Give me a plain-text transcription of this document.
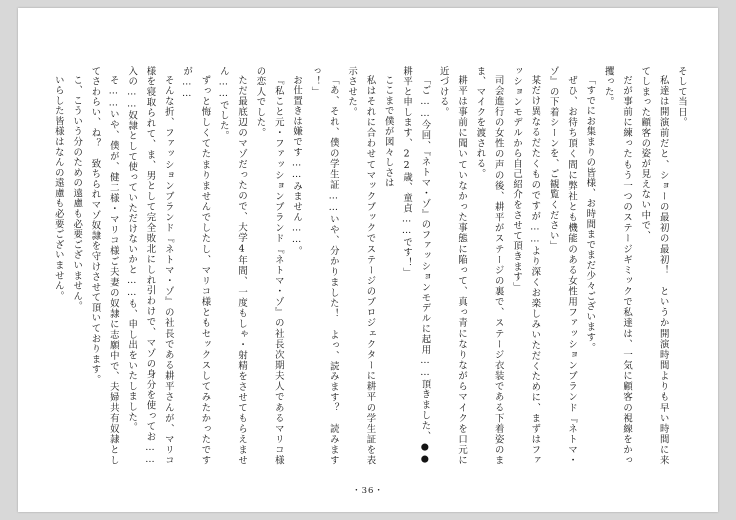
そして当日。

私達は開演前だと、ショーの最初の最初！　というか開演時間よりも早い時間に来てしまった顧客の姿が見えない中で、

だが事前に練ったもう一つのステージギミックで私達は、一気に顧客の視線をかっ攫った。

「すでにお集まりの皆様、お時間までまだ少々ございます。

ぜひ、お待ち頂く間に弊社とも機能のある女性用ファッションブランド『ネトマ・ゾ』の下着シーンを、ご観覧ください」

某だけ異なるだたくものですが……より深くお楽しみいただくために、まずはファッションモデルから自己紹介をさせて頂きます」

司会進行の女性の声の後、耕平がステージの裏で、ステージ衣装である下着姿のまま、マイクを渡される。

耕平は事前に聞いていなかった事態に陥って、真っ青になりながらマイクを口元に近づける。

「ご……今回、『ネトマ・ゾ』のファッションモデルに起用……頂きました、●●耕平と申します、22歳、童貞……です！」

ここまで僕が図々しさは

私はそれに合わせてマックブックでステージのプロジェクターに耕平の学生証を表示させた。

「あ、それ、僕の学生証……いや、分かりました！　よっ、読みます？　読みますっ！」

お仕置きは嫌です……みません……。

『私こと元・ファッションブランド『ネトマ・ゾ』の社長次期夫人であるマリコ様の恋人でした。

ただ最底辺のマゾだったので、大学4年間、一度もしゃ・射精をさせてもらえません……でした。

ずっと悔しくてたまりませんでしたし、マリコ様ともセックスしてみたかったですが……

そんな折、ファッションブランド『ネトマ・ゾ』の社長である耕平さんが、マリコ様を寝取られて、ま、男として完全敗北にしれ引わけで、マゾの身分を使ってお……入の……奴隷として使っていただけないかと……も、申し出をいたしました。

そ……いや、僕が、健二様・マリコ様ご夫妻の奴隷に志願中で、夫婦共有奴隷としてさわらい、ね？　致ちられマゾ奴隷を守けさせて頂いております。

こ、こういう分のための遠慮も必要ございません。

いらした皆様はなんの遠慮も必要ございません。

・36・
